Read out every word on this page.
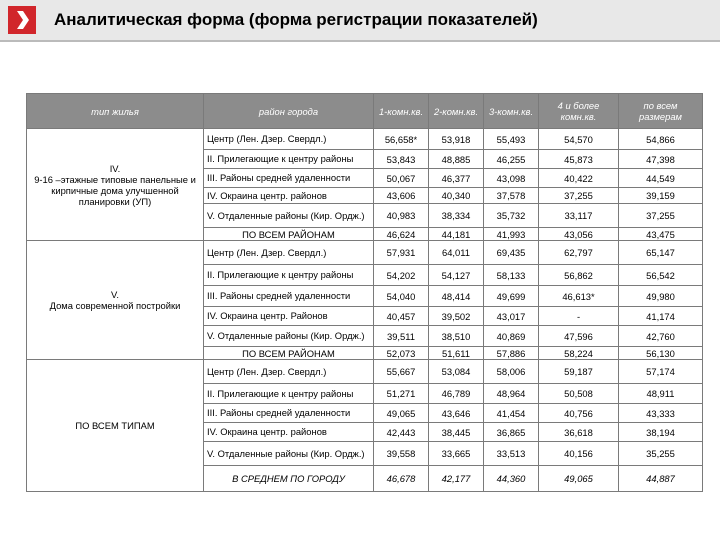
Аналитическая форма (форма регистрации показателей)
тип жилья	район города	1-комн.кв.	2-комн.кв.	3-комн.кв.	4 и более комн.кв.	по всем размерам
IV.
9-16 –этажные типовые панельные и кирпичные дома улучшенной планировки (УП)	Центр (Лен. Дзер. Свердл.)	56,658*	53,918	55,493	54,570	54,866
	II. Прилегающие к центру районы	53,843	48,885	46,255	45,873	47,398
	III. Районы средней удаленности	50,067	46,377	43,098	40,422	44,549
	IV. Окраина центр. районов	43,606	40,340	37,578	37,255	39,159
	V. Отдаленные районы (Кир. Ордж.)	40,983	38,334	35,732	33,117	37,255
	ПО ВСЕМ РАЙОНАМ	46,624	44,181	41,993	43,056	43,475
V.
Дома современной постройки	Центр (Лен. Дзер. Свердл.)	57,931	64,011	69,435	62,797	65,147
	II. Прилегающие к центру районы	54,202	54,127	58,133	56,862	56,542
	III. Районы средней удаленности	54,040	48,414	49,699	46,613*	49,980
	IV. Окраина центр. Районов	40,457	39,502	43,017	-	41,174
	V. Отдаленные районы (Кир. Ордж.)	39,511	38,510	40,869	47,596	42,760
	ПО ВСЕМ РАЙОНАМ	52,073	51,611	57,886	58,224	56,130
ПО ВСЕМ ТИПАМ	Центр (Лен. Дзер. Свердл.)	55,667	53,084	58,006	59,187	57,174
	II. Прилегающие к центру районы	51,271	46,789	48,964	50,508	48,911
	III. Районы средней удаленности	49,065	43,646	41,454	40,756	43,333
	IV. Окраина центр. районов	42,443	38,445	36,865	36,618	38,194
	V. Отдаленные районы (Кир. Ордж.)	39,558	33,665	33,513	40,156	35,255
	В СРЕДНЕМ ПО ГОРОДУ	46,678	42,177	44,360	49,065	44,887
